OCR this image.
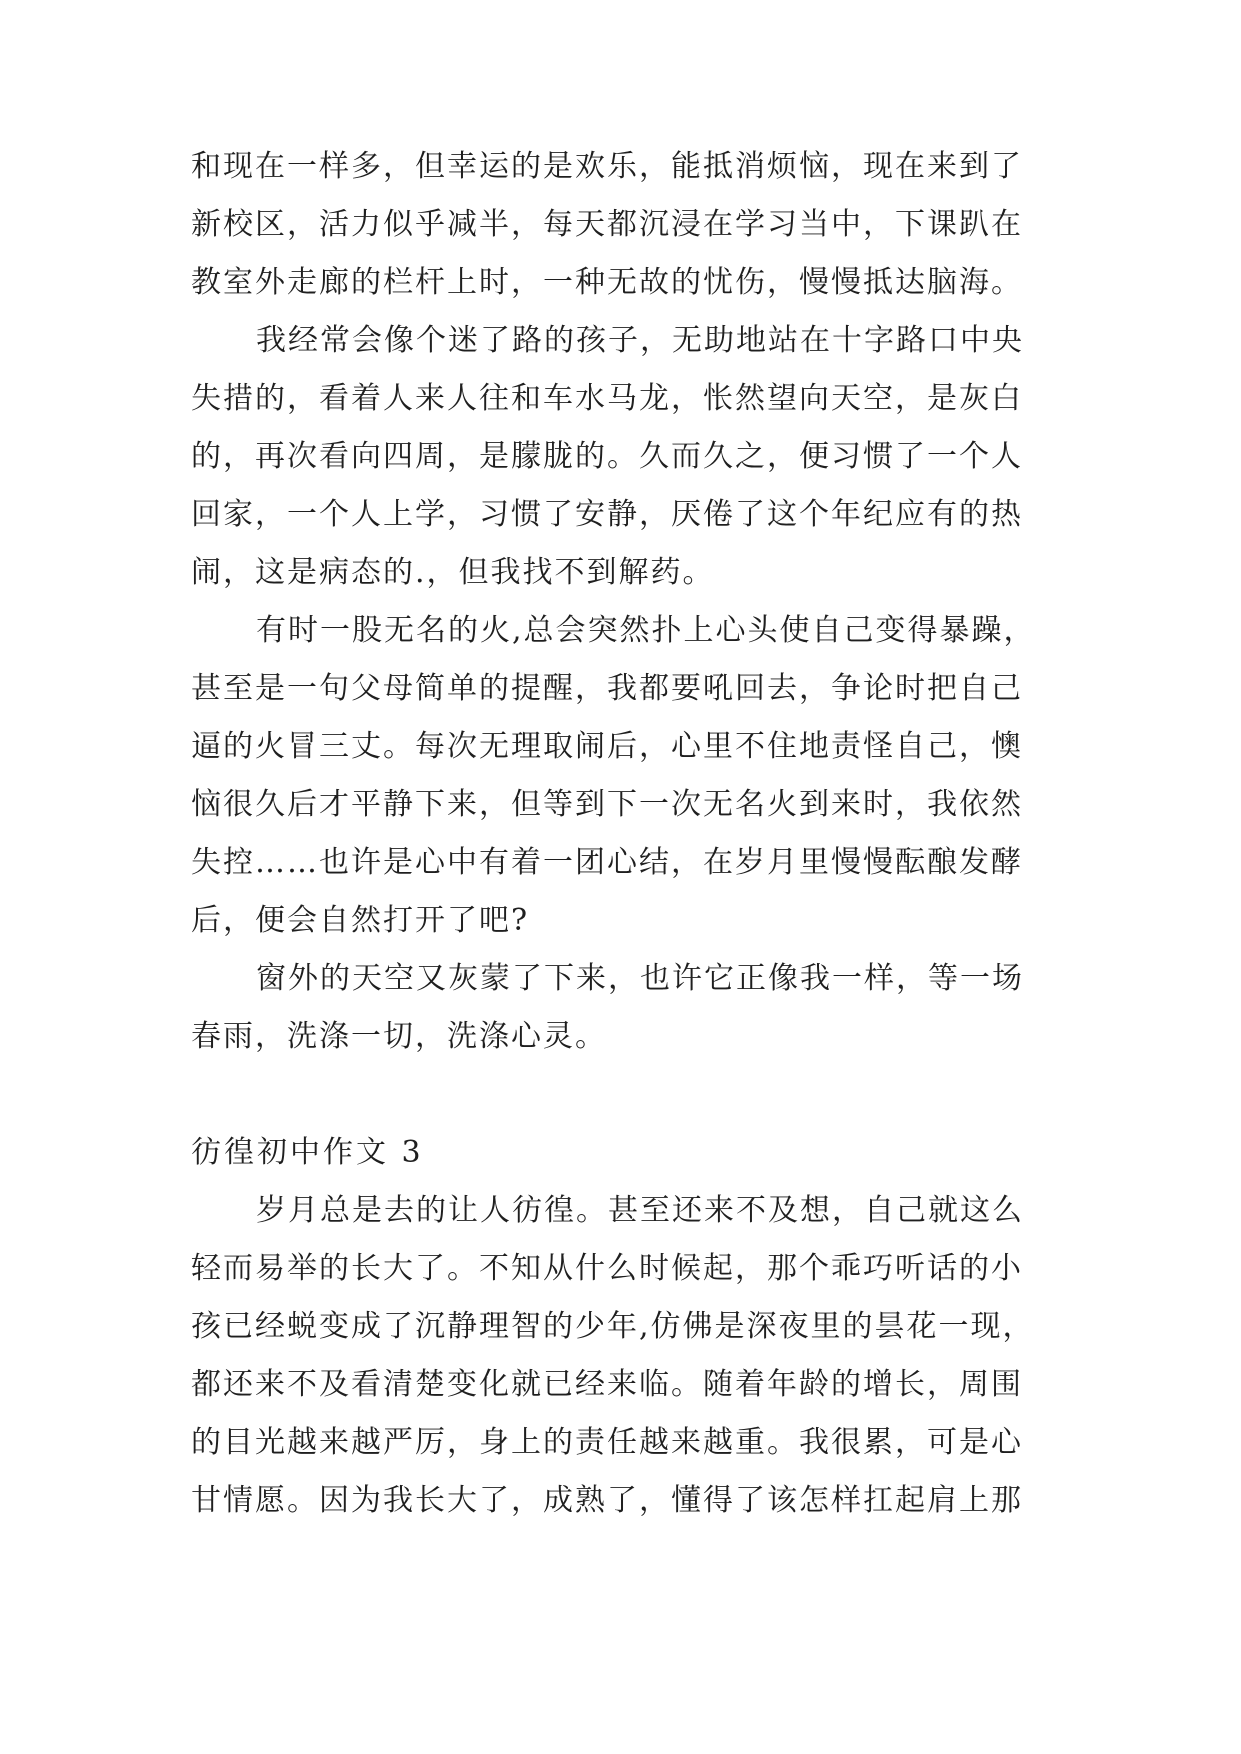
和现在一样多，但幸运的是欢乐，能抵消烦恼，现在来到了
新校区，活力似乎减半，每天都沉浸在学习当中，下课趴在
教室外走廊的栏杆上时，一种无故的忧伤，慢慢抵达脑海。
我经常会像个迷了路的孩子，无助地站在十字路口中央
失措的，看着人来人往和车水马龙，怅然望向天空，是灰白
的，再次看向四周，是朦胧的。久而久之，便习惯了一个人
回家，一个人上学，习惯了安静，厌倦了这个年纪应有的热
闹，这是病态的.，但我找不到解药。
有时一股无名的火,总会突然扑上心头使自己变得暴躁，
甚至是一句父母简单的提醒，我都要吼回去，争论时把自己
逼的火冒三丈。每次无理取闹后，心里不住地责怪自己，懊
恼很久后才平静下来，但等到下一次无名火到来时，我依然
失控……也许是心中有着一团心结，在岁月里慢慢酝酿发酵
后，便会自然打开了吧?
窗外的天空又灰蒙了下来，也许它正像我一样，等一场
春雨，洗涤一切，洗涤心灵。
彷徨初中作文 3
岁月总是去的让人彷徨。甚至还来不及想，自己就这么
轻而易举的长大了。不知从什么时候起，那个乖巧听话的小
孩已经蜕变成了沉静理智的少年,仿佛是深夜里的昙花一现，
都还来不及看清楚变化就已经来临。随着年龄的增长，周围
的目光越来越严厉，身上的责任越来越重。我很累，可是心
甘情愿。因为我长大了，成熟了，懂得了该怎样扛起肩上那
